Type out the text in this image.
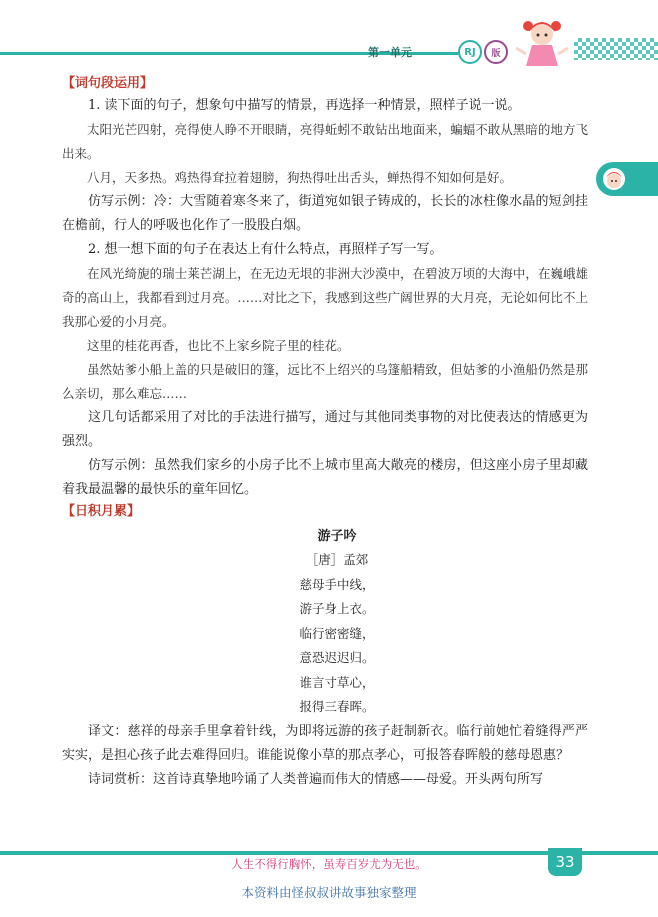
第一单元	RJ	版
【词句段运用】

1. 读下面的句子，想象句中描写的情景，再选择一种情景，照样子说一说。

太阳光芒四射，亮得使人睁不开眼睛，亮得蚯蚓不敢钻出地面来，蝙蝠不敢从黑暗的地方飞出来。

八月，天多热。鸡热得耷拉着翅膀，狗热得吐出舌头，蝉热得不知如何是好。

仿写示例：冷：大雪随着寒冬来了，街道宛如银子铸成的，长长的冰柱像水晶的短剑挂在檐前，行人的呼吸也化作了一股股白烟。

2. 想一想下面的句子在表达上有什么特点，再照样子写一写。

在风光绮旎的瑞士莱芒湖上，在无边无垠的非洲大沙漠中，在碧波万顷的大海中，在巍峨雄奇的高山上，我都看到过月亮。……对比之下，我感到这些广阔世界的大月亮，无论如何比不上我那心爱的小月亮。

这里的桂花再香，也比不上家乡院子里的桂花。

虽然姑爹小船上盖的只是破旧的篷，远比不上绍兴的乌篷船精致，但姑爹的小渔船仍然是那么亲切，那么难忘……

这几句话都采用了对比的手法进行描写，通过与其他同类事物的对比使表达的情感更为强烈。

仿写示例：虽然我们家乡的小房子比不上城市里高大敞亮的楼房，但这座小房子里却藏着我最温馨的最快乐的童年回忆。

【日积月累】
游子吟
［唐］孟郊
慈母手中线，
游子身上衣。
临行密密缝，
意恐迟迟归。
谁言寸草心，
报得三春晖。

译文：慈祥的母亲手里拿着针线，为即将远游的孩子赶制新衣。临行前她忙着缝得严严实实，是担心孩子此去难得回归。谁能说像小草的那点孝心，可报答春晖般的慈母恩惠？

诗词赏析：这首诗真挚地吟诵了人类普遍而伟大的情感——母爱。开头两句所写

人生不得行胸怀，虽寿百岁尤为无也。	33
本资料由怪叔叔讲故事独家整理
